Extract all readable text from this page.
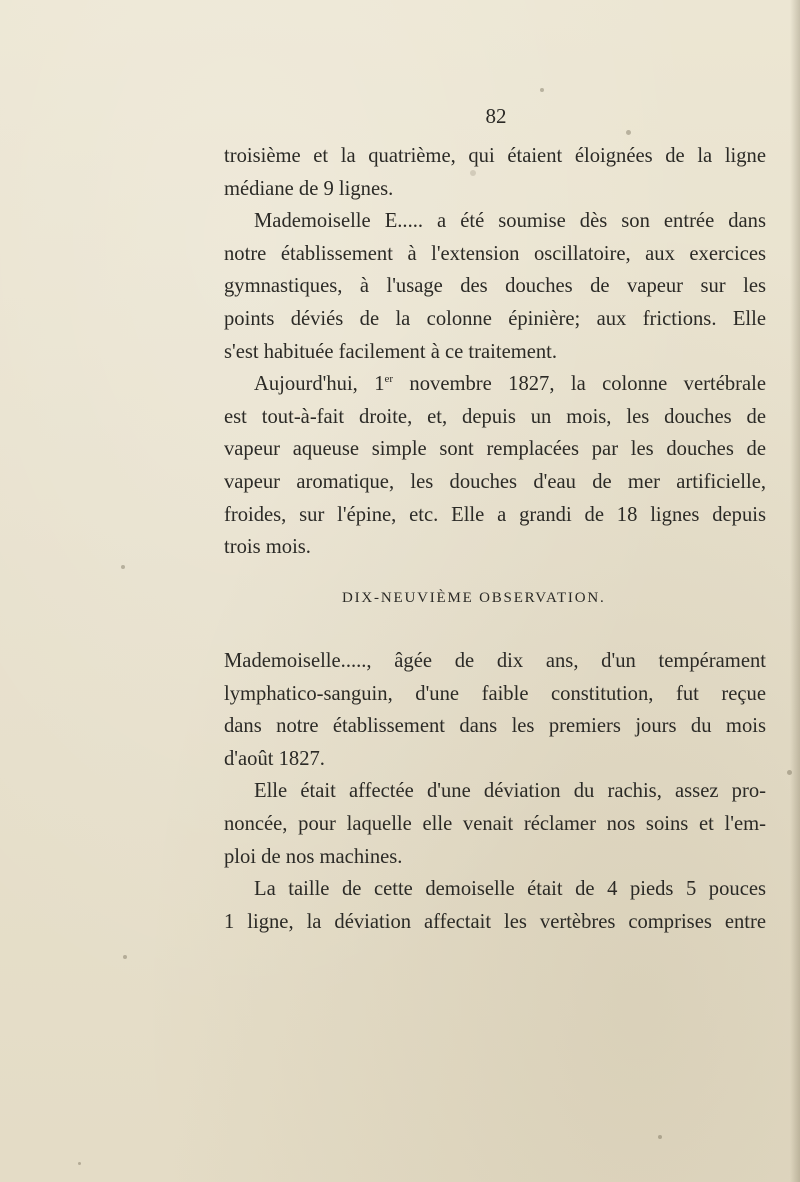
82
troisième et la quatrième, qui étaient éloignées de la ligne
médiane de 9 lignes.
Mademoiselle E..... a été soumise dès son entrée dans
notre établissement à l'extension oscillatoire, aux exercices
gymnastiques, à l'usage des douches de vapeur sur les
points déviés de la colonne épinière; aux frictions. Elle
s'est habituée facilement à ce traitement.
Aujourd'hui, 1er novembre 1827, la colonne vertébrale
est tout-à-fait droite, et, depuis un mois, les douches de
vapeur aqueuse simple sont remplacées par les douches de
vapeur aromatique, les douches d'eau de mer artificielle,
froides, sur l'épine, etc. Elle a grandi de 18 lignes depuis
trois mois.
DIX-NEUVIÈME OBSERVATION.
Mademoiselle....., âgée de dix ans, d'un tempérament
lymphatico-sanguin, d'une faible constitution, fut reçue
dans notre établissement dans les premiers jours du mois
d'août 1827.
Elle était affectée d'une déviation du rachis, assez pro-
noncée, pour laquelle elle venait réclamer nos soins et l'em-
ploi de nos machines.
La taille de cette demoiselle était de 4 pieds 5 pouces
1 ligne, la déviation affectait les vertèbres comprises entre
